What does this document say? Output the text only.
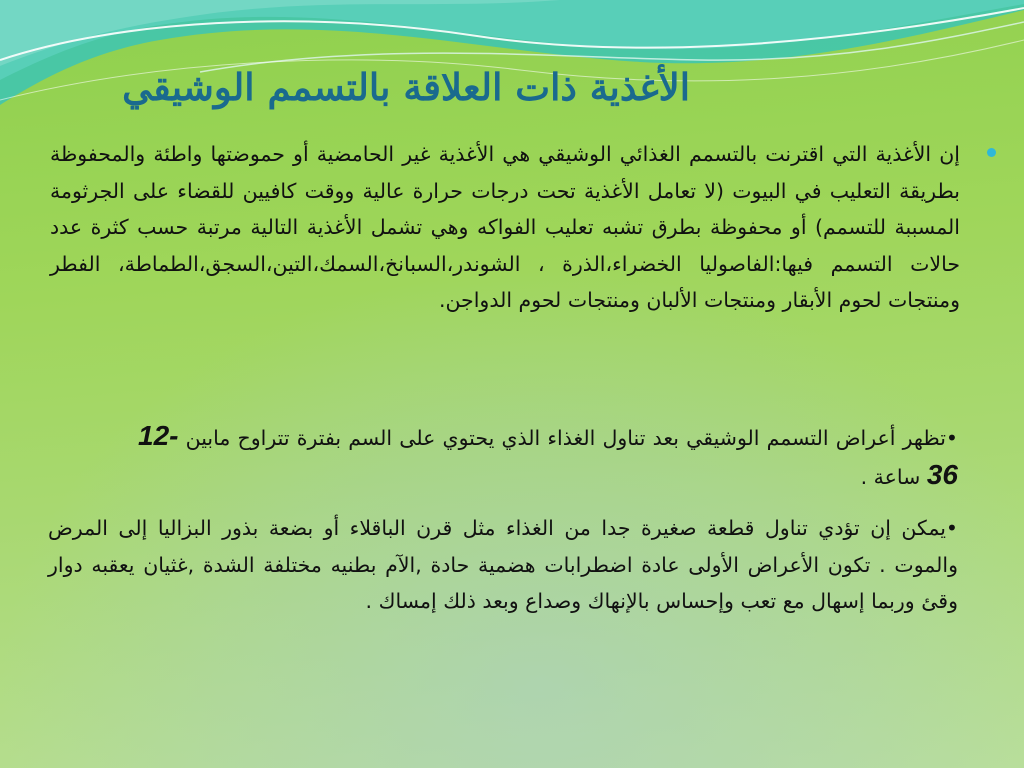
الأغذية ذات العلاقة بالتسمم الوشيقي

إن الأغذية التي اقترنت بالتسمم الغذائي الوشيقي هي الأغذية غير الحامضية أو حموضتها واطئة والمحفوظة بطريقة التعليب في البيوت (لا تعامل الأغذية تحت درجات حرارة عالية ووقت كافيين للقضاء على الجرثومة المسببة للتسمم) أو محفوظة بطرق تشبه تعليب الفواكه وهي تشمل الأغذية التالية مرتبة حسب كثرة عدد حالات التسمم فيها:الفاصوليا الخضراء،الذرة ، الشوندر،السبانخ،السمك،التين،السجق،الطماطة، الفطر ومنتجات لحوم الأبقار ومنتجات الألبان ومنتجات لحوم الدواجن.

•تظهر أعراض التسمم الوشيقي بعد تناول الغذاء الذي يحتوي على السم بفترة تتراوح مابين 12-36 ساعة .

•يمكن إن تؤدي تناول قطعة صغيرة جدا من الغذاء مثل قرن الباقلاء أو بضعة بذور البزاليا إلى المرض والموت . تكون الأعراض الأولى عادة اضطرابات هضمية حادة ,الآم بطنيه مختلفة الشدة ,غثيان يعقبه دوار وقئ وربما إسهال مع تعب وإحساس بالإنهاك وصداع وبعد ذلك إمساك .
